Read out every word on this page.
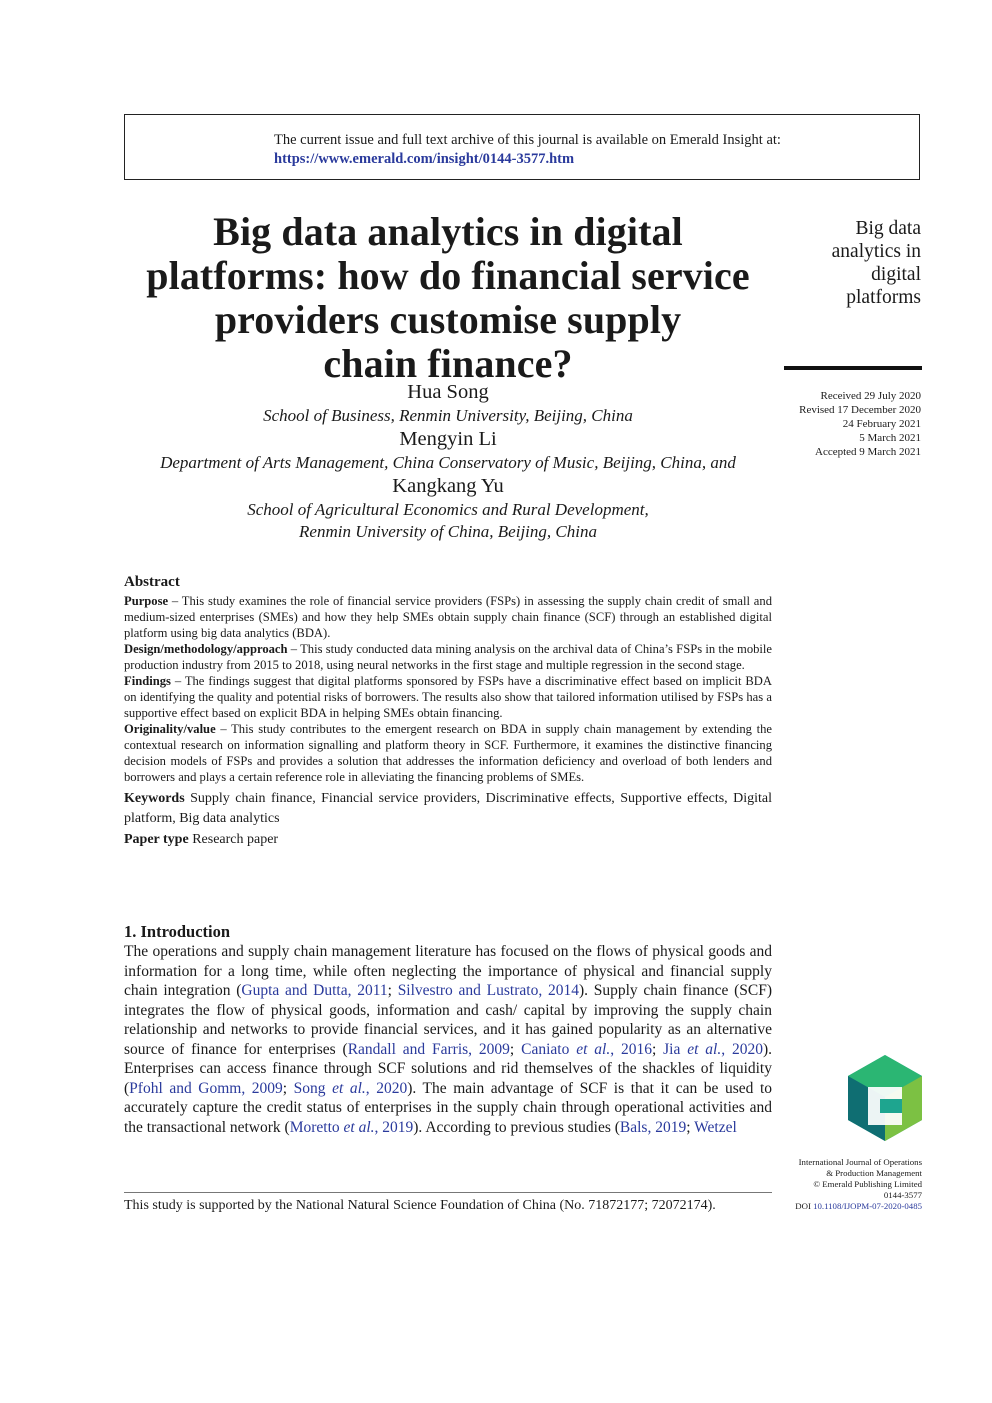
The current issue and full text archive of this journal is available on Emerald Insight at:
https://www.emerald.com/insight/0144-3577.htm
Big data analytics in digital
platforms: how do financial service
providers customise supply
chain finance?
Big data
analytics in
digital
platforms
Received 29 July 2020
Revised 17 December 2020
24 February 2021
5 March 2021
Accepted 9 March 2021
Hua Song
School of Business, Renmin University, Beijing, China
Mengyin Li
Department of Arts Management, China Conservatory of Music, Beijing, China, and
Kangkang Yu
School of Agricultural Economics and Rural Development,
Renmin University of China, Beijing, China
Abstract

Purpose – This study examines the role of financial service providers (FSPs) in assessing the supply chain credit of small and medium-sized enterprises (SMEs) and how they help SMEs obtain supply chain finance (SCF) through an established digital platform using big data analytics (BDA).

Design/methodology/approach – This study conducted data mining analysis on the archival data of China’s FSPs in the mobile production industry from 2015 to 2018, using neural networks in the first stage and multiple regression in the second stage.

Findings – The findings suggest that digital platforms sponsored by FSPs have a discriminative effect based on implicit BDA on identifying the quality and potential risks of borrowers. The results also show that tailored information utilised by FSPs has a supportive effect based on explicit BDA in helping SMEs obtain financing.

Originality/value – This study contributes to the emergent research on BDA in supply chain management by extending the contextual research on information signalling and platform theory in SCF. Furthermore, it examines the distinctive financing decision models of FSPs and provides a solution that addresses the information deficiency and overload of both lenders and borrowers and plays a certain reference role in alleviating the financing problems of SMEs.

Keywords Supply chain finance, Financial service providers, Discriminative effects, Supportive effects, Digital platform, Big data analytics
Paper type Research paper
1. Introduction
The operations and supply chain management literature has focused on the flows of physical goods and information for a long time, while often neglecting the importance of physical and financial supply chain integration (Gupta and Dutta, 2011; Silvestro and Lustrato, 2014). Supply chain finance (SCF) integrates the flow of physical goods, information and cash/ capital by improving the supply chain relationship and networks to provide financial services, and it has gained popularity as an alternative source of finance for enterprises (Randall and Farris, 2009; Caniato et al., 2016; Jia et al., 2020). Enterprises can access finance through SCF solutions and rid themselves of the shackles of liquidity (Pfohl and Gomm, 2009; Song et al., 2020). The main advantage of SCF is that it can be used to accurately capture the credit status of enterprises in the supply chain through operational activities and the transactional network (Moretto et al., 2019). According to previous studies (Bals, 2019; Wetzel
International Journal of Operations
& Production Management
© Emerald Publishing Limited
0144-3577
DOI 10.1108/IJOPM-07-2020-0485
This study is supported by the National Natural Science Foundation of China (No. 71872177; 72072174).
